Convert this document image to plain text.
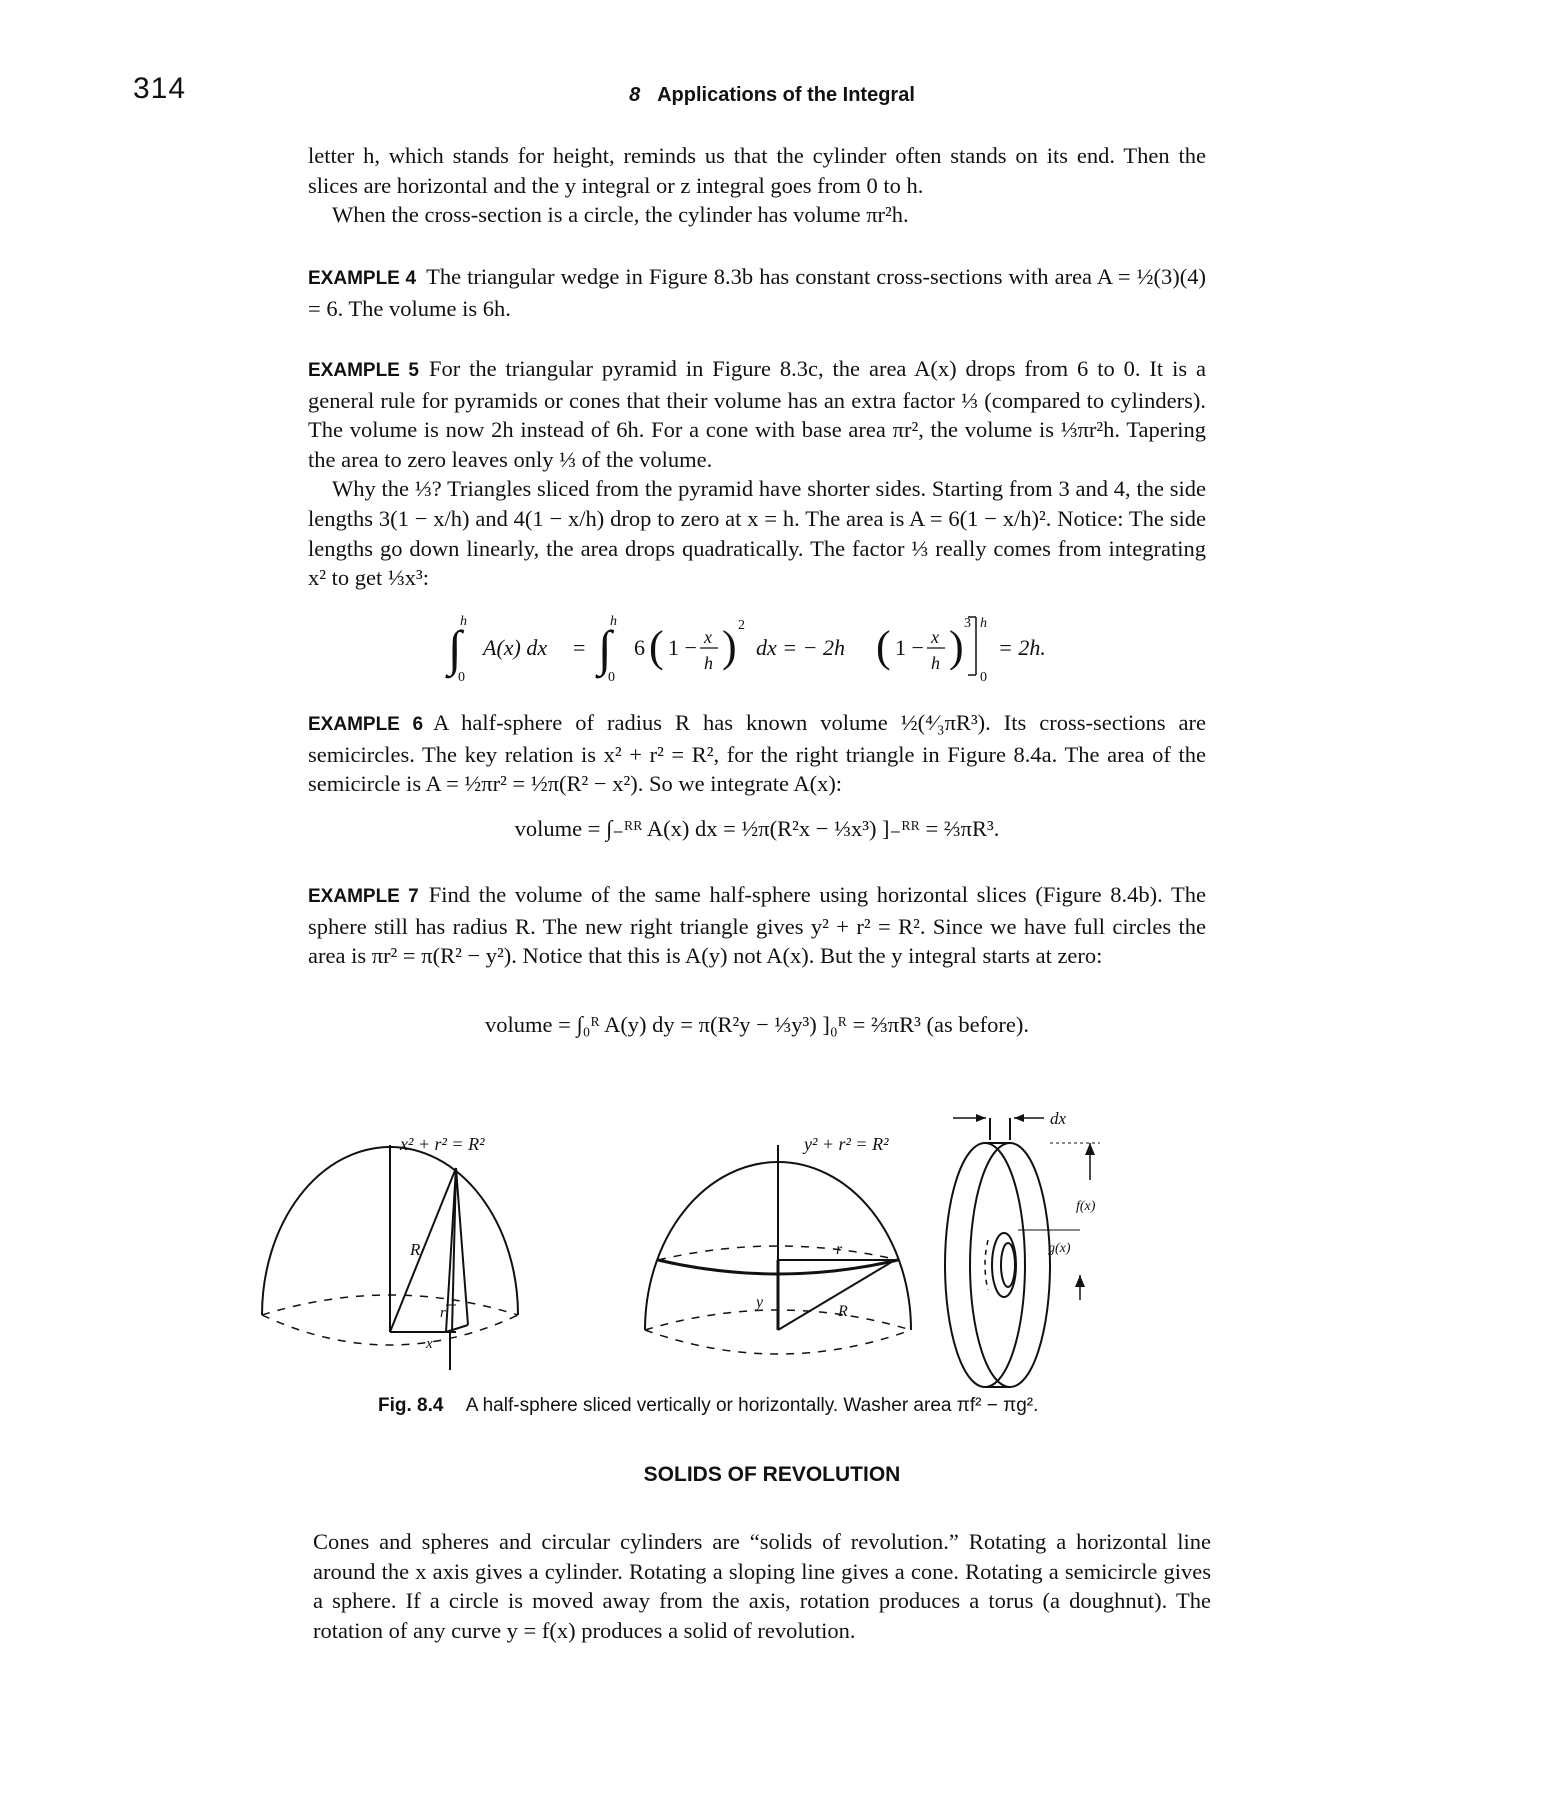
314	8 Applications of the Integral

letter h, which stands for height, reminds us that the cylinder often stands on its end. Then the slices are horizontal and the y integral or z integral goes from 0 to h.

When the cross-section is a circle, the cylinder has volume πr²h.

EXAMPLE 4 The triangular wedge in Figure 8.3b has constant cross-sections with area A = ½(3)(4) = 6. The volume is 6h.

EXAMPLE 5 For the triangular pyramid in Figure 8.3c, the area A(x) drops from 6 to 0. It is a general rule for pyramids or cones that their volume has an extra factor ⅓ (compared to cylinders). The volume is now 2h instead of 6h. For a cone with base area πr², the volume is ⅓πr²h. Tapering the area to zero leaves only ⅓ of the volume.

Why the ⅓? Triangles sliced from the pyramid have shorter sides. Starting from 3 and 4, the side lengths 3(1 − x/h) and 4(1 − x/h) drop to zero at x = h. The area is A = 6(1 − x/h)². Notice: The side lengths go down linearly, the area drops quadratically. The factor ⅓ really comes from integrating x² to get ⅓x³:

∫
h
0
A(x) dx = ∫
h
0
6 ( 1 − x
h ) 2
dx = − 2h ( 1 − x
h ) 3 h
0
= 2h.

EXAMPLE 6 A half-sphere of radius R has known volume ½(⁴⁄₃πR³). Its cross-sections are semicircles. The key relation is x² + r² = R², for the right triangle in Figure 8.4a. The area of the semicircle is A = ½πr² = ½π(R² − x²). So we integrate A(x):

volume = ∫₋ᴿᴿ A(x) dx = ½π(R²x − ⅓x³) ]₋ᴿᴿ = ⅔πR³.

EXAMPLE 7 Find the volume of the same half-sphere using horizontal slices (Figure 8.4b). The sphere still has radius R. The new right triangle gives y² + r² = R². Since we have full circles the area is πr² = π(R² − y²). Notice that this is A(y) not A(x). But the y integral starts at zero:

volume = ∫₀ᴿ A(y) dy = π(R²y − ⅓y³) ]₀ᴿ = ⅔πR³ (as before).
x² + r² = R²
R
r
x
y² + r² = R²
r
y
R
dx
f(x)
g(x)
Fig. 8.4 A half-sphere sliced vertically or horizontally. Washer area πf² − πg².
SOLIDS OF REVOLUTION

Cones and spheres and circular cylinders are “solids of revolution.” Rotating a horizontal line around the x axis gives a cylinder. Rotating a sloping line gives a cone. Rotating a semicircle gives a sphere. If a circle is moved away from the axis, rotation produces a torus (a doughnut). The rotation of any curve y = f(x) produces a solid of revolution.
